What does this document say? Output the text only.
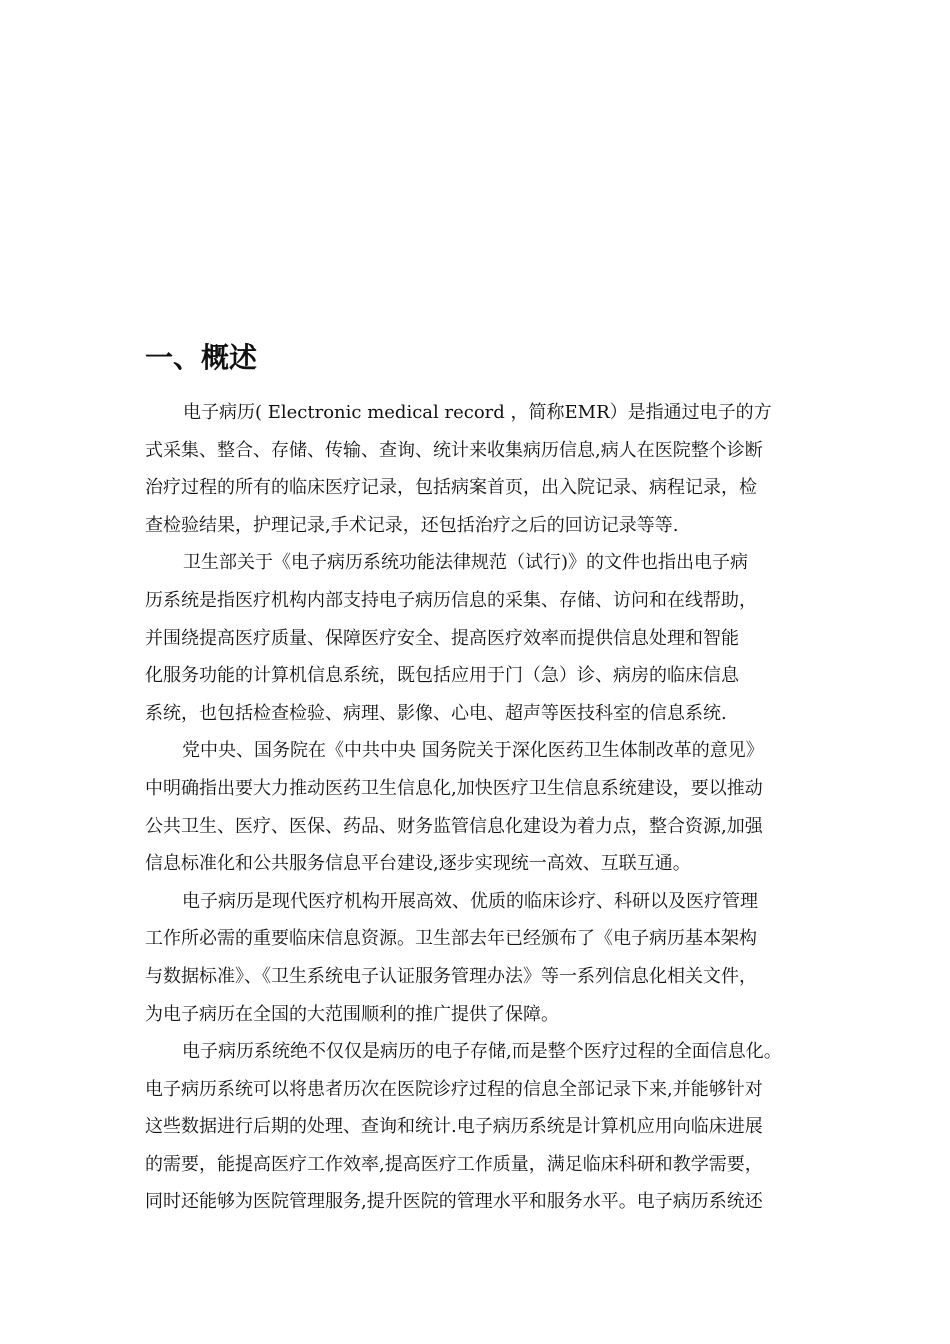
一、概述
电子病历( Electronic medical record ，简称EMR）是指通过电子的方
式采集、整合、存储、传输、查询、统计来收集病历信息,病人在医院整个诊断
治疗过程的所有的临床医疗记录，包括病案首页，出入院记录、病程记录，检
查检验结果，护理记录,手术记录，还包括治疗之后的回访记录等等.
卫生部关于《电子病历系统功能法律规范（试行)》的文件也指出电子病
历系统是指医疗机构内部支持电子病历信息的采集、存储、访问和在线帮助，
并围绕提高医疗质量、保障医疗安全、提高医疗效率而提供信息处理和智能
化服务功能的计算机信息系统，既包括应用于门（急）诊、病房的临床信息
系统，也包括检查检验、病理、影像、心电、超声等医技科室的信息系统.
党中央、国务院在《中共中央 国务院关于深化医药卫生体制改革的意见》
中明确指出要大力推动医药卫生信息化,加快医疗卫生信息系统建设，要以推动
公共卫生、医疗、医保、药品、财务监管信息化建设为着力点，整合资源,加强
信息标准化和公共服务信息平台建设,逐步实现统一高效、互联互通。
电子病历是现代医疗机构开展高效、优质的临床诊疗、科研以及医疗管理
工作所必需的重要临床信息资源。卫生部去年已经颁布了《电子病历基本架构
与数据标准》、《卫生系统电子认证服务管理办法》等一系列信息化相关文件，
为电子病历在全国的大范围顺利的推广提供了保障。
电子病历系统绝不仅仅是病历的电子存储,而是整个医疗过程的全面信息化。
电子病历系统可以将患者历次在医院诊疗过程的信息全部记录下来,并能够针对
这些数据进行后期的处理、查询和统计.电子病历系统是计算机应用向临床进展
的需要，能提高医疗工作效率,提高医疗工作质量，满足临床科研和教学需要，
同时还能够为医院管理服务,提升医院的管理水平和服务水平。电子病历系统还
